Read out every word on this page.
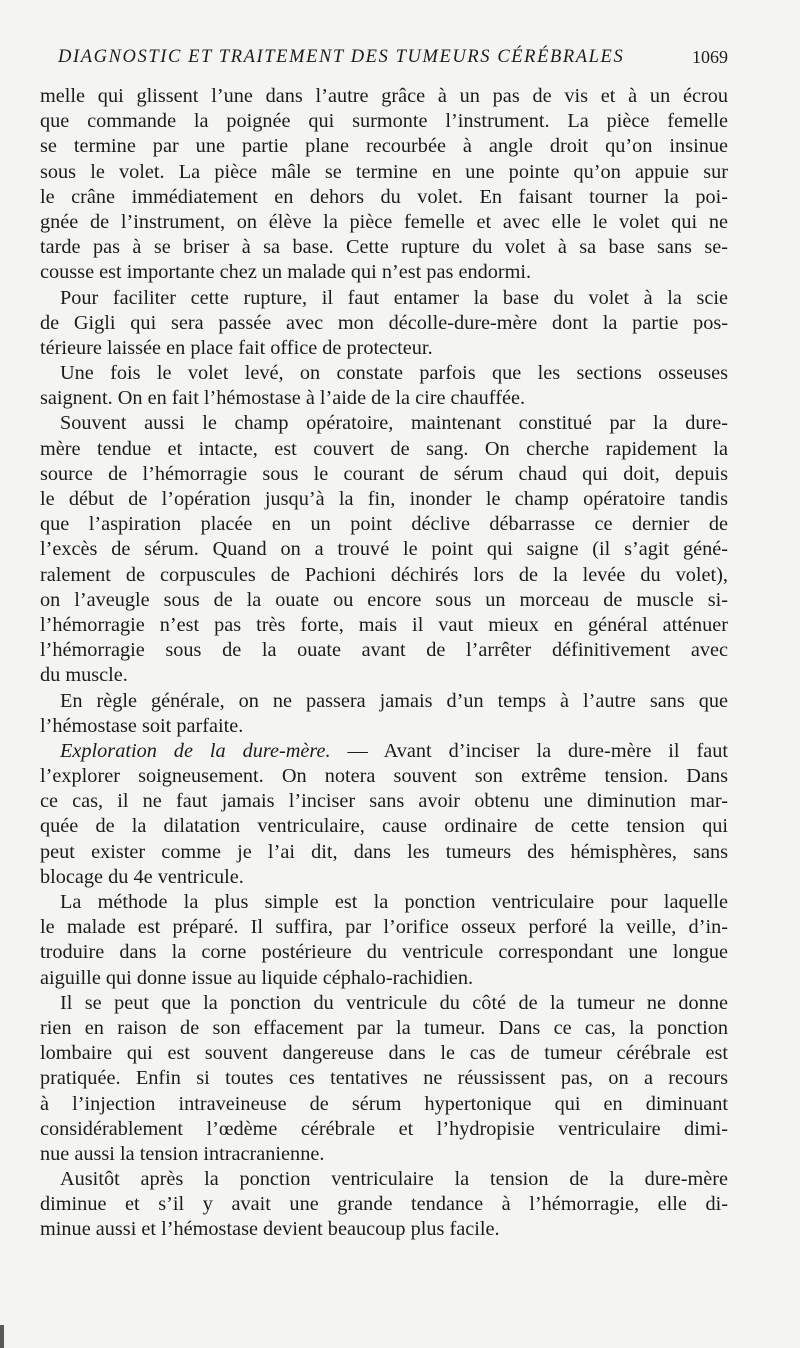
DIAGNOSTIC ET TRAITEMENT DES TUMEURS CÉRÉBRALES	1069
melle qui glissent l’une dans l’autre grâce à un pas de vis et à un écrou
que commande la poignée qui surmonte l’instrument. La pièce femelle
se termine par une partie plane recourbée à angle droit qu’on insinue
sous le volet. La pièce mâle se termine en une pointe qu’on appuie sur
le crâne immédiatement en dehors du volet. En faisant tourner la poi-
gnée de l’instrument, on élève la pièce femelle et avec elle le volet qui ne
tarde pas à se briser à sa base. Cette rupture du volet à sa base sans se-
cousse est importante chez un malade qui n’est pas endormi.
Pour faciliter cette rupture, il faut entamer la base du volet à la scie
de Gigli qui sera passée avec mon décolle-dure-mère dont la partie pos-
térieure laissée en place fait office de protecteur.
Une fois le volet levé, on constate parfois que les sections osseuses
saignent. On en fait l’hémostase à l’aide de la cire chauffée.
Souvent aussi le champ opératoire, maintenant constitué par la dure-
mère tendue et intacte, est couvert de sang. On cherche rapidement la
source de l’hémorragie sous le courant de sérum chaud qui doit, depuis
le début de l’opération jusqu’à la fin, inonder le champ opératoire tandis
que l’aspiration placée en un point déclive débarrasse ce dernier de
l’excès de sérum. Quand on a trouvé le point qui saigne (il s’agit géné-
ralement de corpuscules de Pachioni déchirés lors de la levée du volet),
on l’aveugle sous de la ouate ou encore sous un morceau de muscle si-
l’hémorragie n’est pas très forte, mais il vaut mieux en général atténuer
l’hémorragie sous de la ouate avant de l’arrêter définitivement avec
du muscle.
En règle générale, on ne passera jamais d’un temps à l’autre sans que
l’hémostase soit parfaite.
Exploration de la dure-mère. — Avant d’inciser la dure-mère il faut
l’explorer soigneusement. On notera souvent son extrême tension. Dans
ce cas, il ne faut jamais l’inciser sans avoir obtenu une diminution mar-
quée de la dilatation ventriculaire, cause ordinaire de cette tension qui
peut exister comme je l’ai dit, dans les tumeurs des hémisphères, sans
blocage du 4e ventricule.
La méthode la plus simple est la ponction ventriculaire pour laquelle
le malade est préparé. Il suffira, par l’orifice osseux perforé la veille, d’in-
troduire dans la corne postérieure du ventricule correspondant une longue
aiguille qui donne issue au liquide céphalo-rachidien.
Il se peut que la ponction du ventricule du côté de la tumeur ne donne
rien en raison de son effacement par la tumeur. Dans ce cas, la ponction
lombaire qui est souvent dangereuse dans le cas de tumeur cérébrale est
pratiquée. Enfin si toutes ces tentatives ne réussissent pas, on a recours
à l’injection intraveineuse de sérum hypertonique qui en diminuant
considérablement l’œdème cérébrale et l’hydropisie ventriculaire dimi-
nue aussi la tension intracranienne.
Ausitôt après la ponction ventriculaire la tension de la dure-mère
diminue et s’il y avait une grande tendance à l’hémorragie, elle di-
minue aussi et l’hémostase devient beaucoup plus facile.
